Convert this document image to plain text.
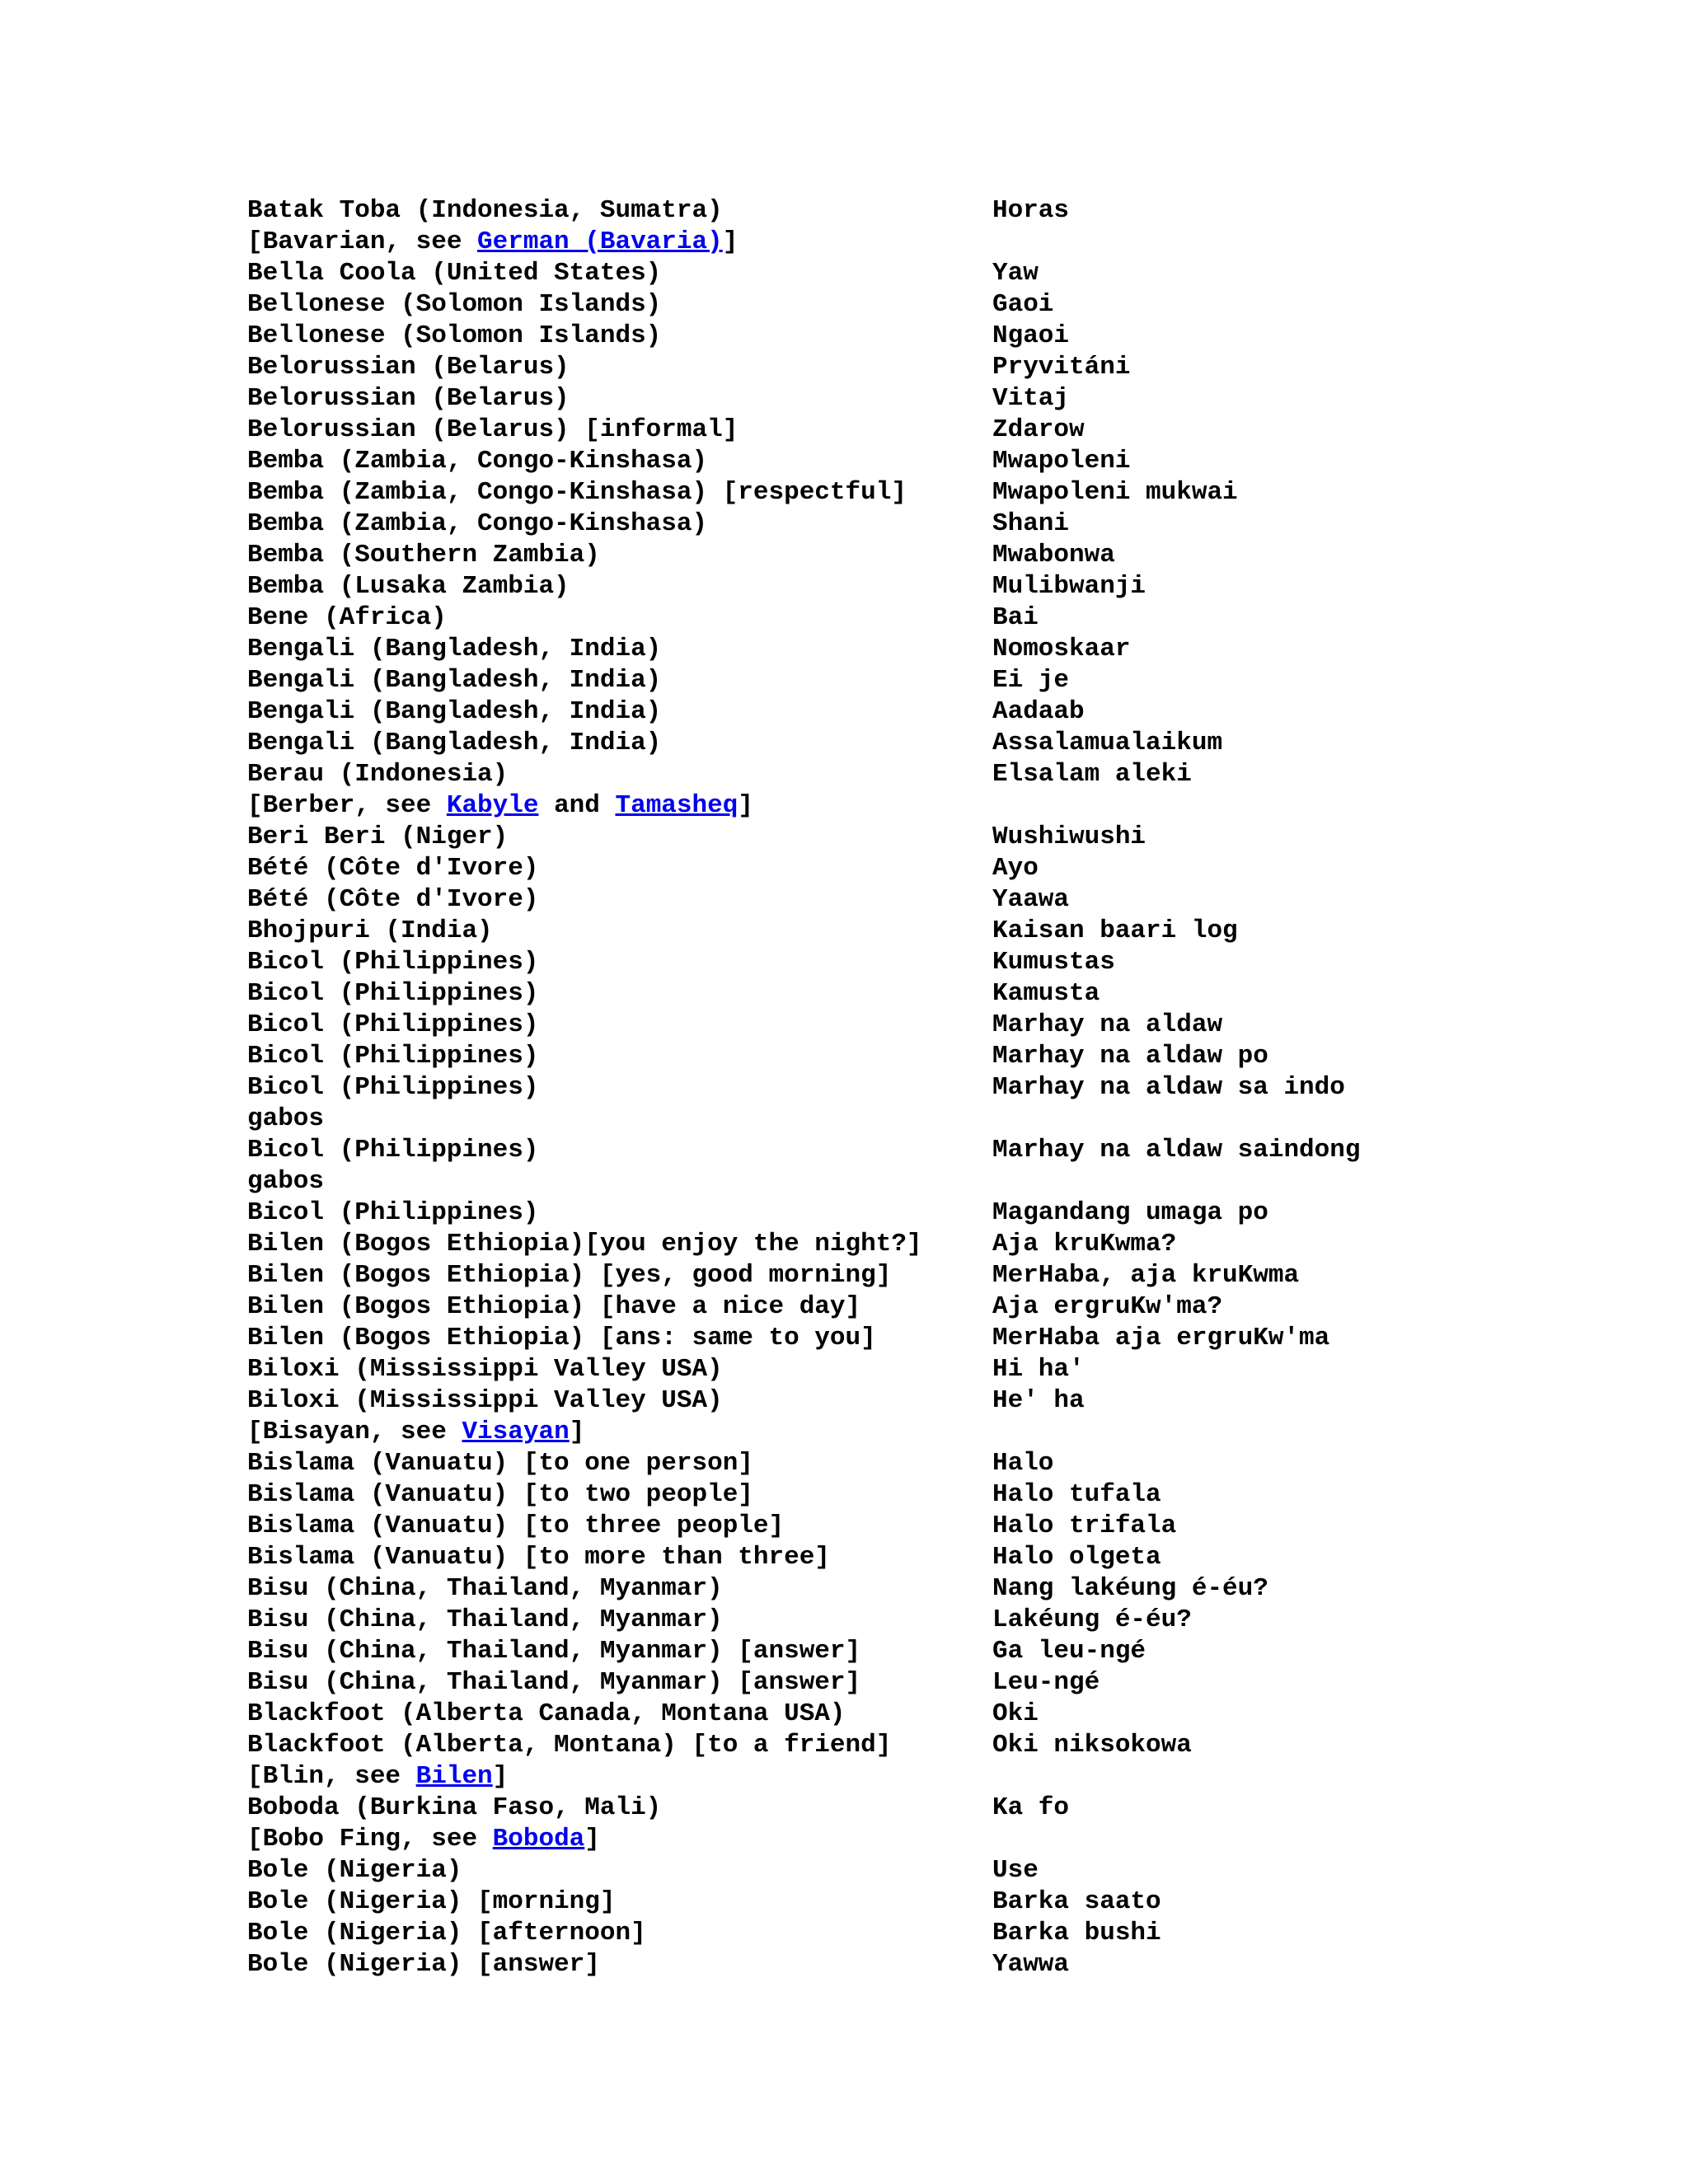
Batak Toba (Indonesia, Sumatra)	Horas
[Bavarian, see German (Bavaria)]
Bella Coola (United States)	Yaw
Bellonese (Solomon Islands)	Gaoi
Bellonese (Solomon Islands)	Ngaoi
Belorussian (Belarus)	Pryvitáni
Belorussian (Belarus)	Vitaj
Belorussian (Belarus) [informal]	Zdarow
Bemba (Zambia, Congo-Kinshasa)	Mwapoleni
Bemba (Zambia, Congo-Kinshasa) [respectful]	Mwapoleni mukwai
Bemba (Zambia, Congo-Kinshasa)	Shani
Bemba (Southern Zambia)	Mwabonwa
Bemba (Lusaka Zambia)	Mulibwanji
Bene (Africa)	Bai
Bengali (Bangladesh, India)	Nomoskaar
Bengali (Bangladesh, India)	Ei je
Bengali (Bangladesh, India)	Aadaab
Bengali (Bangladesh, India)	Assalamualaikum
Berau (Indonesia)	Elsalam aleki
[Berber, see Kabyle and Tamasheq]
Beri Beri (Niger)	Wushiwushi
Bété (Côte d'Ivore)	Ayo
Bété (Côte d'Ivore)	Yaawa
Bhojpuri (India)	Kaisan baari log
Bicol (Philippines)	Kumustas
Bicol (Philippines)	Kamusta
Bicol (Philippines)	Marhay na aldaw
Bicol (Philippines)	Marhay na aldaw po
Bicol (Philippines)	Marhay na aldaw sa indo
gabos
Bicol (Philippines)	Marhay na aldaw saindong
gabos
Bicol (Philippines)	Magandang umaga po
Bilen (Bogos Ethiopia)[you enjoy the night?]	Aja kruKwma?
Bilen (Bogos Ethiopia) [yes, good morning]	MerHaba, aja kruKwma
Bilen (Bogos Ethiopia) [have a nice day]	Aja ergruKw'ma?
Bilen (Bogos Ethiopia) [ans: same to you]	MerHaba aja ergruKw'ma
Biloxi (Mississippi Valley USA)	Hi ha'
Biloxi (Mississippi Valley USA)	He' ha
[Bisayan, see Visayan]
Bislama (Vanuatu) [to one person]	Halo
Bislama (Vanuatu) [to two people]	Halo tufala
Bislama (Vanuatu) [to three people]	Halo trifala
Bislama (Vanuatu) [to more than three]	Halo olgeta
Bisu (China, Thailand, Myanmar)	Nang lakéung é-éu?
Bisu (China, Thailand, Myanmar)	Lakéung é-éu?
Bisu (China, Thailand, Myanmar) [answer]	Ga leu-ngé
Bisu (China, Thailand, Myanmar) [answer]	Leu-ngé
Blackfoot (Alberta Canada, Montana USA)	Oki
Blackfoot (Alberta, Montana) [to a friend]	Oki niksokowa
[Blin, see Bilen]
Boboda (Burkina Faso, Mali)	Ka fo
[Bobo Fing, see Boboda]
Bole (Nigeria)	Use
Bole (Nigeria) [morning]	Barka saato
Bole (Nigeria) [afternoon]	Barka bushi
Bole (Nigeria) [answer]	Yawwa
